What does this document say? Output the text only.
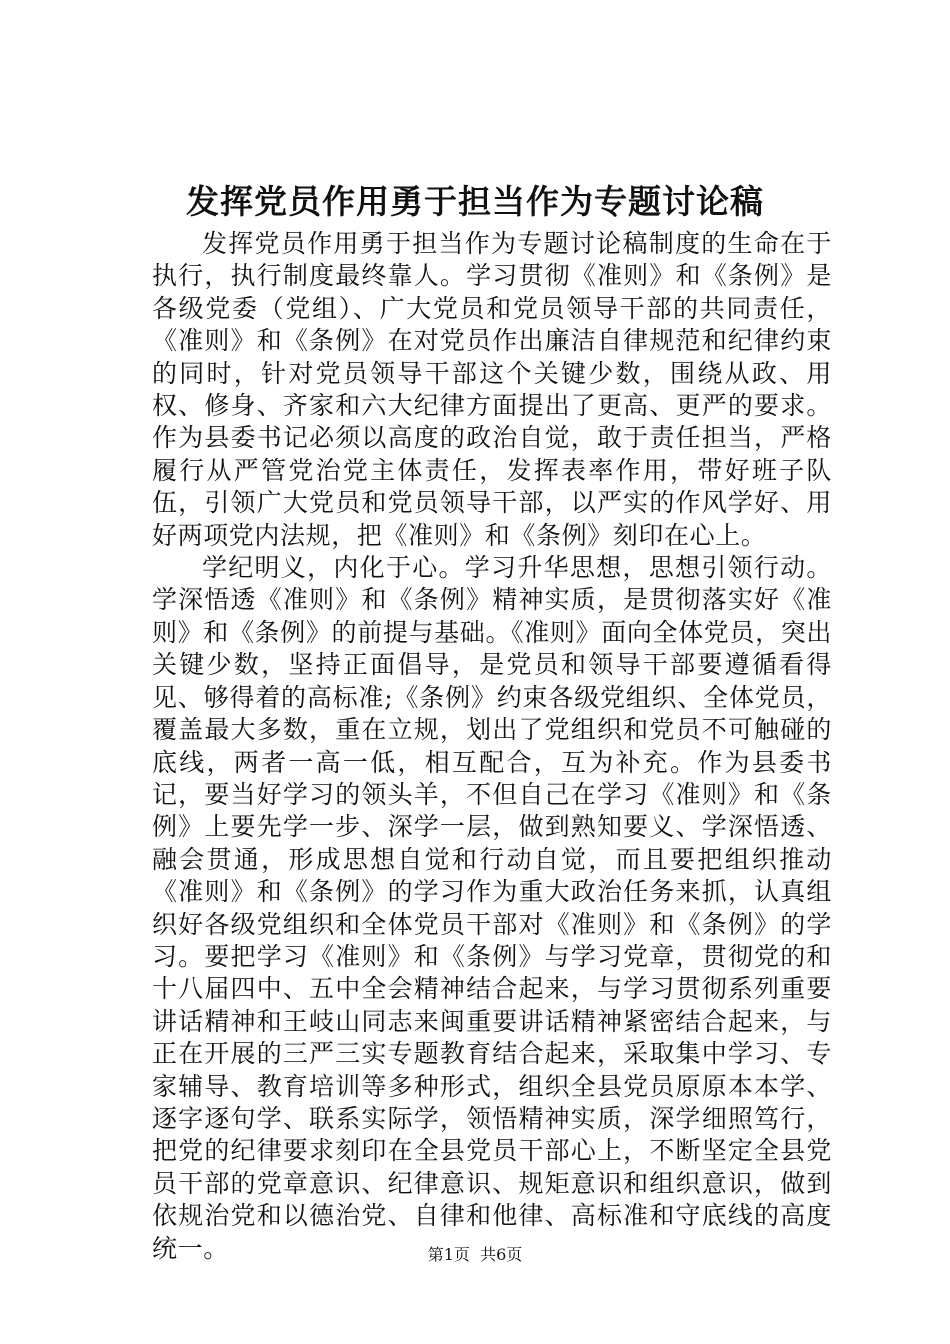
发挥党员作用勇于担当作为专题讨论稿

发挥党员作用勇于担当作为专题讨论稿制度的生命在于执行，执行制度最终靠人。学习贯彻《准则》和《条例》是各级党委（党组）、广大党员和党员领导干部的共同责任，《准则》和《条例》在对党员作出廉洁自律规范和纪律约束的同时，针对党员领导干部这个关键少数，围绕从政、用权、修身、齐家和六大纪律方面提出了更高、更严的要求。作为县委书记必须以高度的政治自觉，敢于责任担当，严格履行从严管党治党主体责任，发挥表率作用，带好班子队伍，引领广大党员和党员领导干部，以严实的作风学好、用好两项党内法规，把《准则》和《条例》刻印在心上。

学纪明义，内化于心。学习升华思想，思想引领行动。学深悟透《准则》和《条例》精神实质，是贯彻落实好《准则》和《条例》的前提与基础。《准则》面向全体党员，突出关键少数，坚持正面倡导，是党员和领导干部要遵循看得见、够得着的高标准;《条例》约束各级党组织、全体党员，覆盖最大多数，重在立规，划出了党组织和党员不可触碰的底线，两者一高一低，相互配合，互为补充。作为县委书记，要当好学习的领头羊，不但自己在学习《准则》和《条例》上要先学一步、深学一层，做到熟知要义、学深悟透、融会贯通，形成思想自觉和行动自觉，而且要把组织推动《准则》和《条例》的学习作为重大政治任务来抓，认真组织好各级党组织和全体党员干部对《准则》和《条例》的学习。要把学习《准则》和《条例》与学习党章，贯彻党的和十八届四中、五中全会精神结合起来，与学习贯彻系列重要讲话精神和王岐山同志来闽重要讲话精神紧密结合起来，与正在开展的三严三实专题教育结合起来，采取集中学习、专家辅导、教育培训等多种形式，组织全县党员原原本本学、逐字逐句学、联系实际学，领悟精神实质，深学细照笃行，把党的纪律要求刻印在全县党员干部心上，不断坚定全县党员干部的党章意识、纪律意识、规矩意识和组织意识，做到依规治党和以德治党、自律和他律、高标准和守底线的高度统一。	第1页  共6页
